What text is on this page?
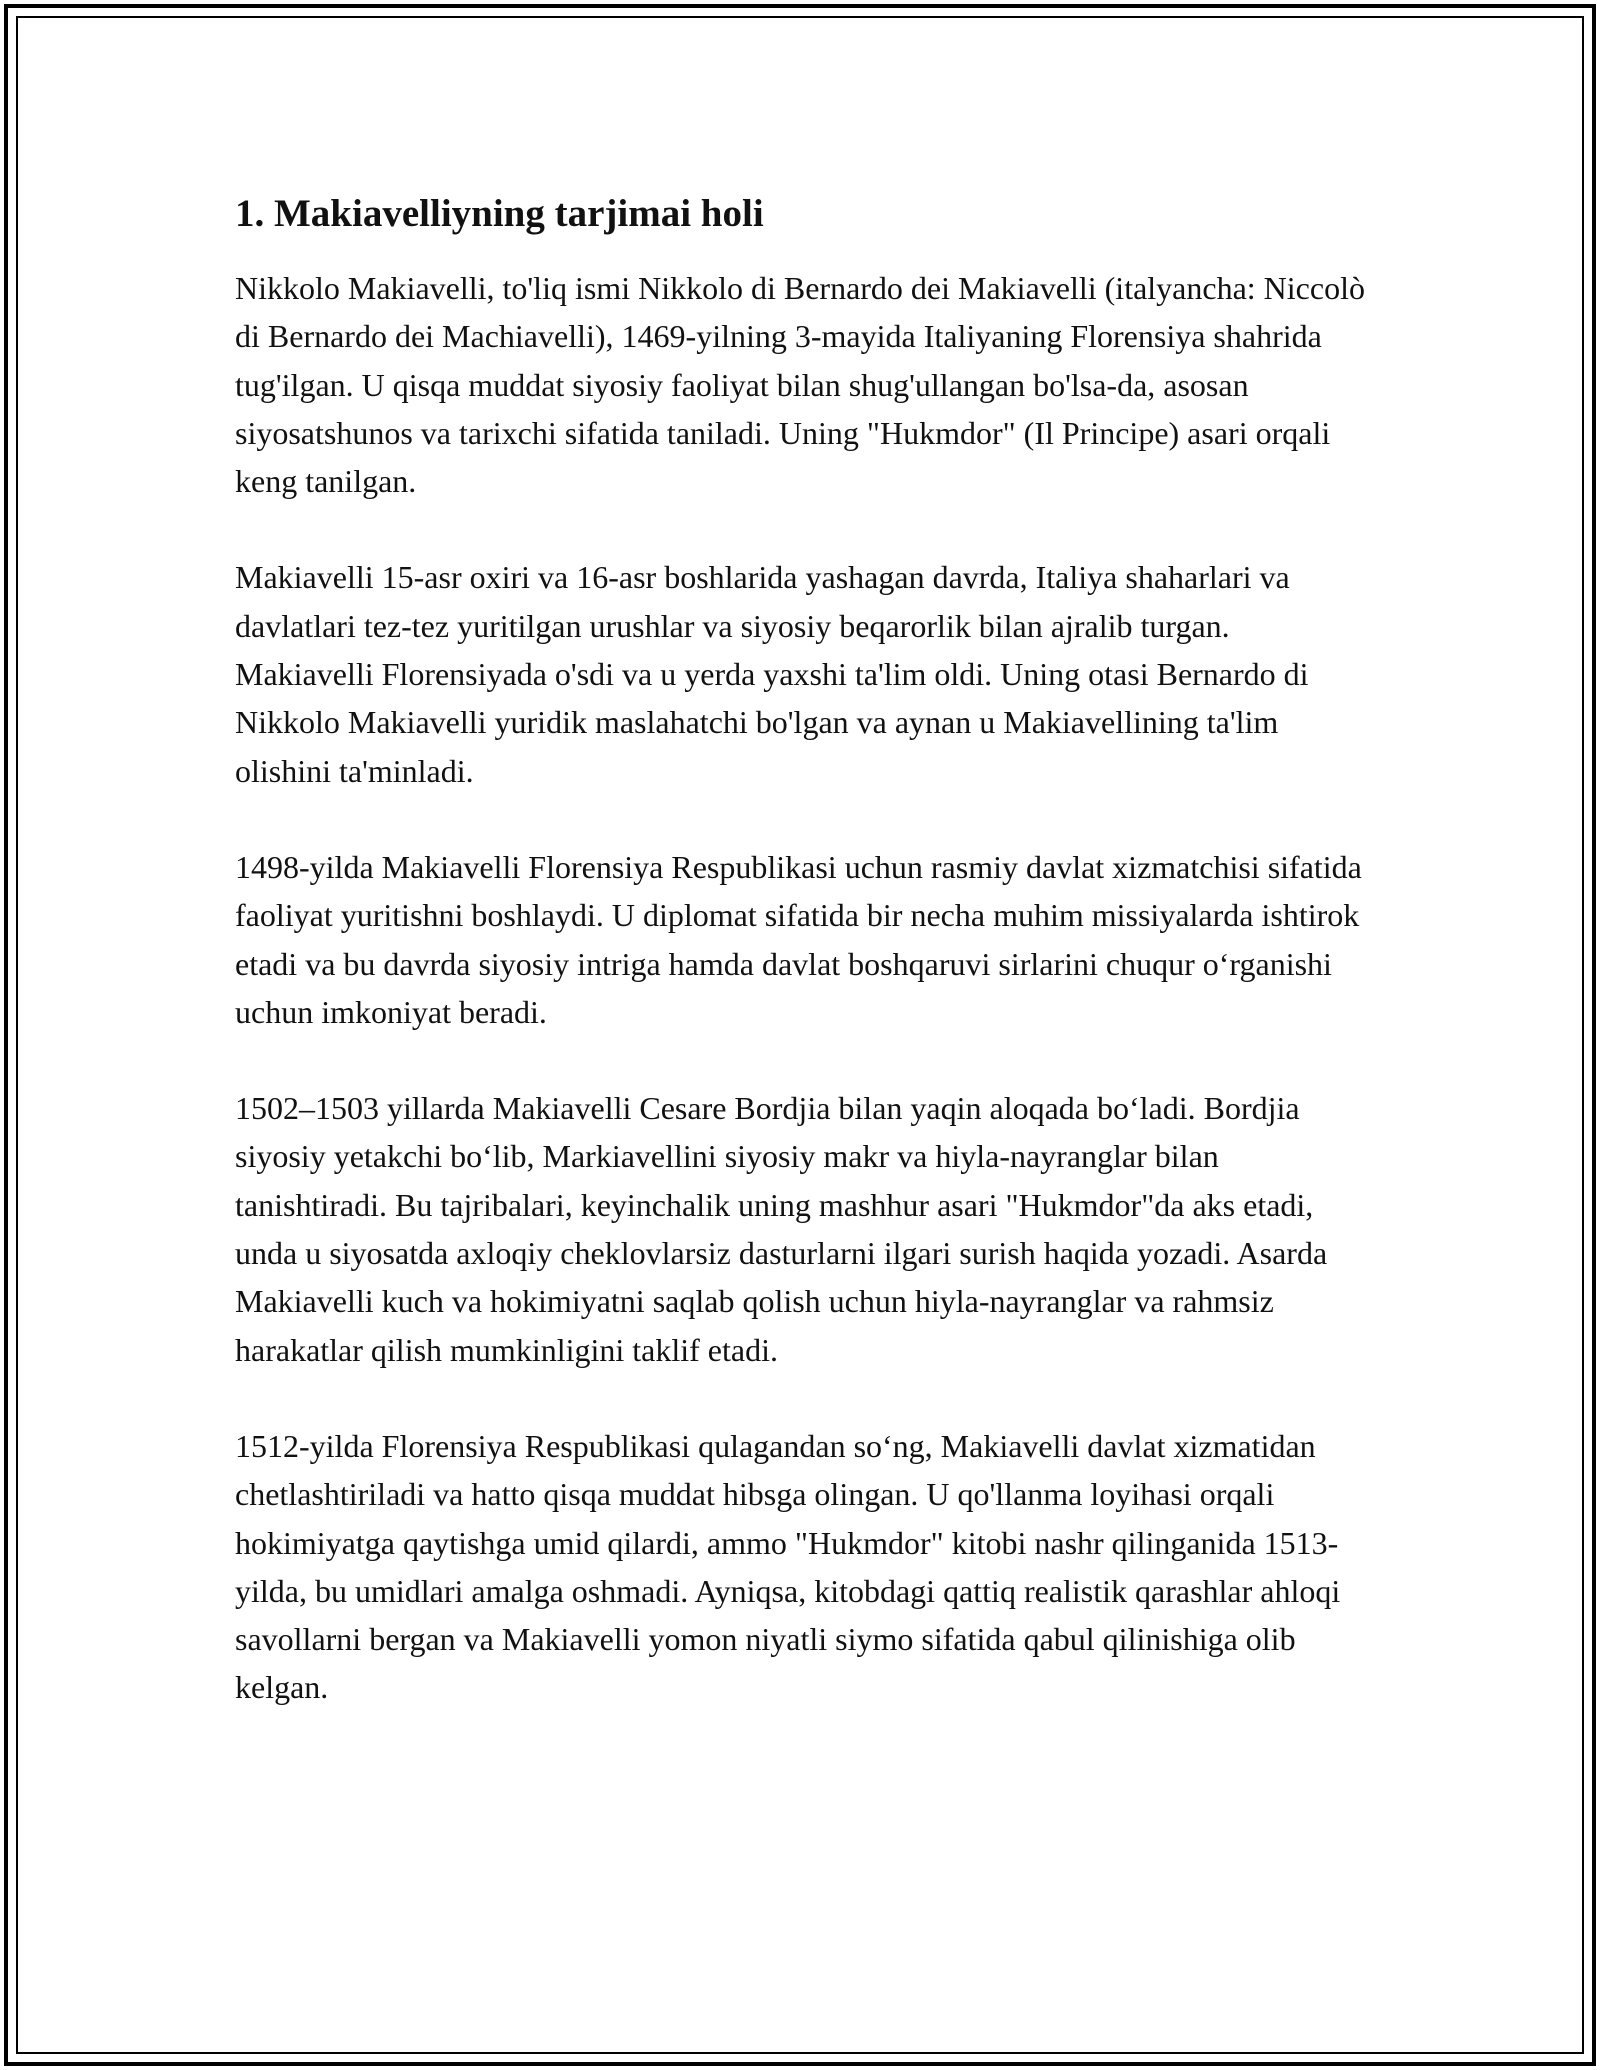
1. Makiavelliyning tarjimai holi

Nikkolo Makiavelli, to'liq ismi Nikkolo di Bernardo dei Makiavelli (italyancha: Niccolò di Bernardo dei Machiavelli), 1469-yilning 3-mayida Italiyaning Florensiya shahrida tug'ilgan. U qisqa muddat siyosiy faoliyat bilan shug'ullangan bo'lsa-da, asosan siyosatshunos va tarixchi sifatida taniladi. Uning "Hukmdor" (Il Principe) asari orqali keng tanilgan.

Makiavelli 15-asr oxiri va 16-asr boshlarida yashagan davrda, Italiya shaharlari va davlatlari tez-tez yuritilgan urushlar va siyosiy beqarorlik bilan ajralib turgan. Makiavelli Florensiyada o'sdi va u yerda yaxshi ta'lim oldi. Uning otasi Bernardo di Nikkolo Makiavelli yuridik maslahatchi bo'lgan va aynan u Makiavellining ta'lim olishini ta'minladi.

1498-yilda Makiavelli Florensiya Respublikasi uchun rasmiy davlat xizmatchisi sifatida faoliyat yuritishni boshlaydi. U diplomat sifatida bir necha muhim missiyalarda ishtirok etadi va bu davrda siyosiy intriga hamda davlat boshqaruvi sirlarini chuqur o‘rganishi uchun imkoniyat beradi.

1502–1503 yillarda Makiavelli Cesare Bordjia bilan yaqin aloqada bo‘ladi. Bordjia siyosiy yetakchi bo‘lib, Markiavellini siyosiy makr va hiyla-nayranglar bilan tanishtiradi. Bu tajribalari, keyinchalik uning mashhur asari "Hukmdor"da aks etadi, unda u siyosatda axloqiy cheklovlarsiz dasturlarni ilgari surish haqida yozadi. Asarda Makiavelli kuch va hokimiyatni saqlab qolish uchun hiyla-nayranglar va rahmsiz harakatlar qilish mumkinligini taklif etadi.

1512-yilda Florensiya Respublikasi qulagandan so‘ng, Makiavelli davlat xizmatidan chetlashtiriladi va hatto qisqa muddat hibsga olingan. U qo'llanma loyihasi orqali hokimiyatga qaytishga umid qilardi, ammo "Hukmdor" kitobi nashr qilinganida 1513-yilda, bu umidlari amalga oshmadi. Ayniqsa, kitobdagi qattiq realistik qarashlar ahloqi savollarni bergan va Makiavelli yomon niyatli siymo sifatida qabul qilinishiga olib kelgan.
